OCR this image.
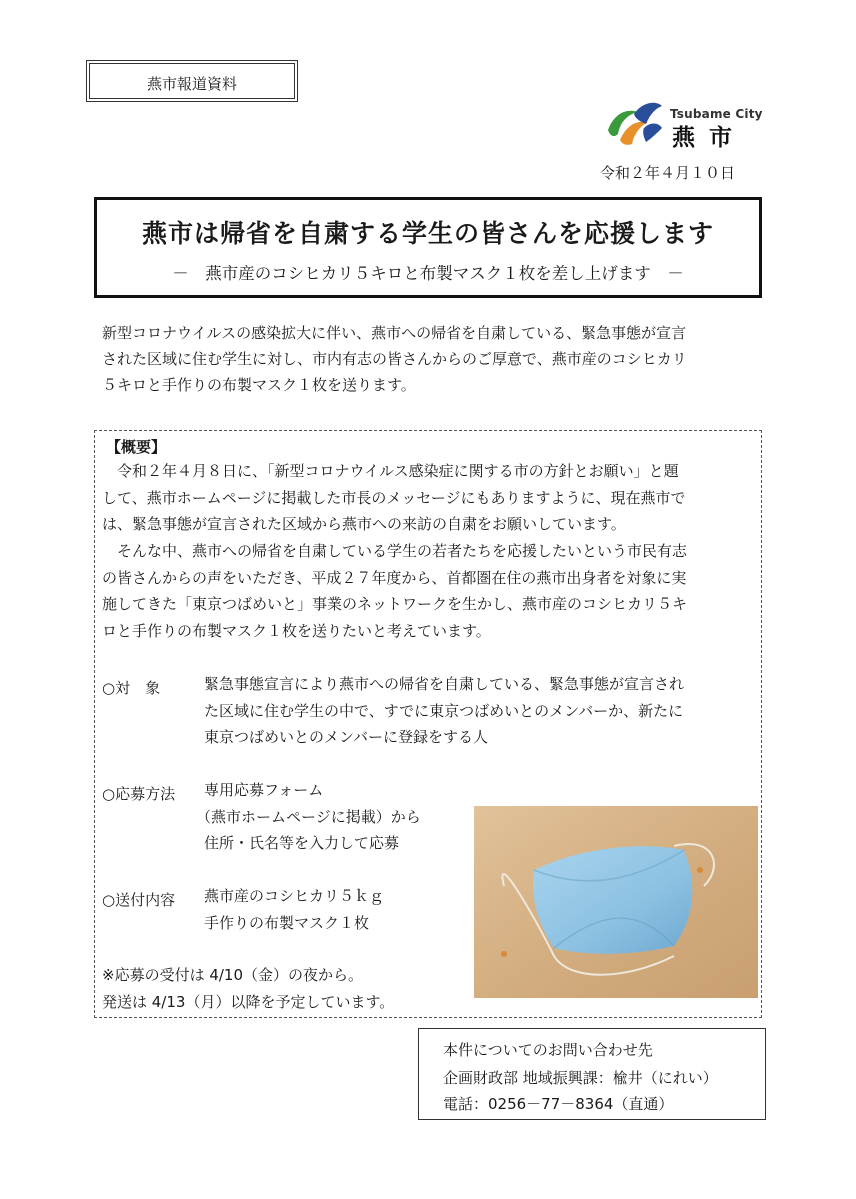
燕市報道資料
Tsubame City
燕市
令和２年４月１０日
燕市は帰省を自粛する学生の皆さんを応援します
－　燕市産のコシヒカリ５キロと布製マスク１枚を差し上げます　－

新型コロナウイルスの感染拡大に伴い、燕市への帰省を自粛している、緊急事態が宣言

された区域に住む学生に対し、市内有志の皆さんからのご厚意で、燕市産のコシヒカリ

５キロと手作りの布製マスク１枚を送ります。

【概要】

　令和２年４月８日に、「新型コロナウイルス感染症に関する市の方針とお願い」と題

して、燕市ホームページに掲載した市長のメッセージにもありますように、現在燕市で

は、緊急事態が宣言された区域から燕市への来訪の自粛をお願いしています。

　そんな中、燕市への帰省を自粛している学生の若者たちを応援したいという市民有志

の皆さんからの声をいただき、平成２７年度から、首都圏在住の燕市出身者を対象に実

施してきた「東京つばめいと」事業のネットワークを生かし、燕市産のコシヒカリ５キ

ロと手作りの布製マスク１枚を送りたいと考えています。

○対　象	緊急事態宣言により燕市への帰省を自粛している、緊急事態が宣言され

た区域に住む学生の中で、すでに東京つばめいとのメンバーか、新たに

東京つばめいとのメンバーに登録をする人

○応募方法 専用応募フォーム

（燕市ホームページに掲載）から

住所・氏名等を入力して応募

○送付内容 燕市産のコシヒカリ５ｋｇ

手作りの布製マスク１枚

※応募の受付は 4/10（金）の夜から。

発送は 4/13（月）以降を予定しています。

本件についてのお問い合わせ先
企画財政部 地域振興課：楡井（にれい）
電話：0256－77－8364（直通）
